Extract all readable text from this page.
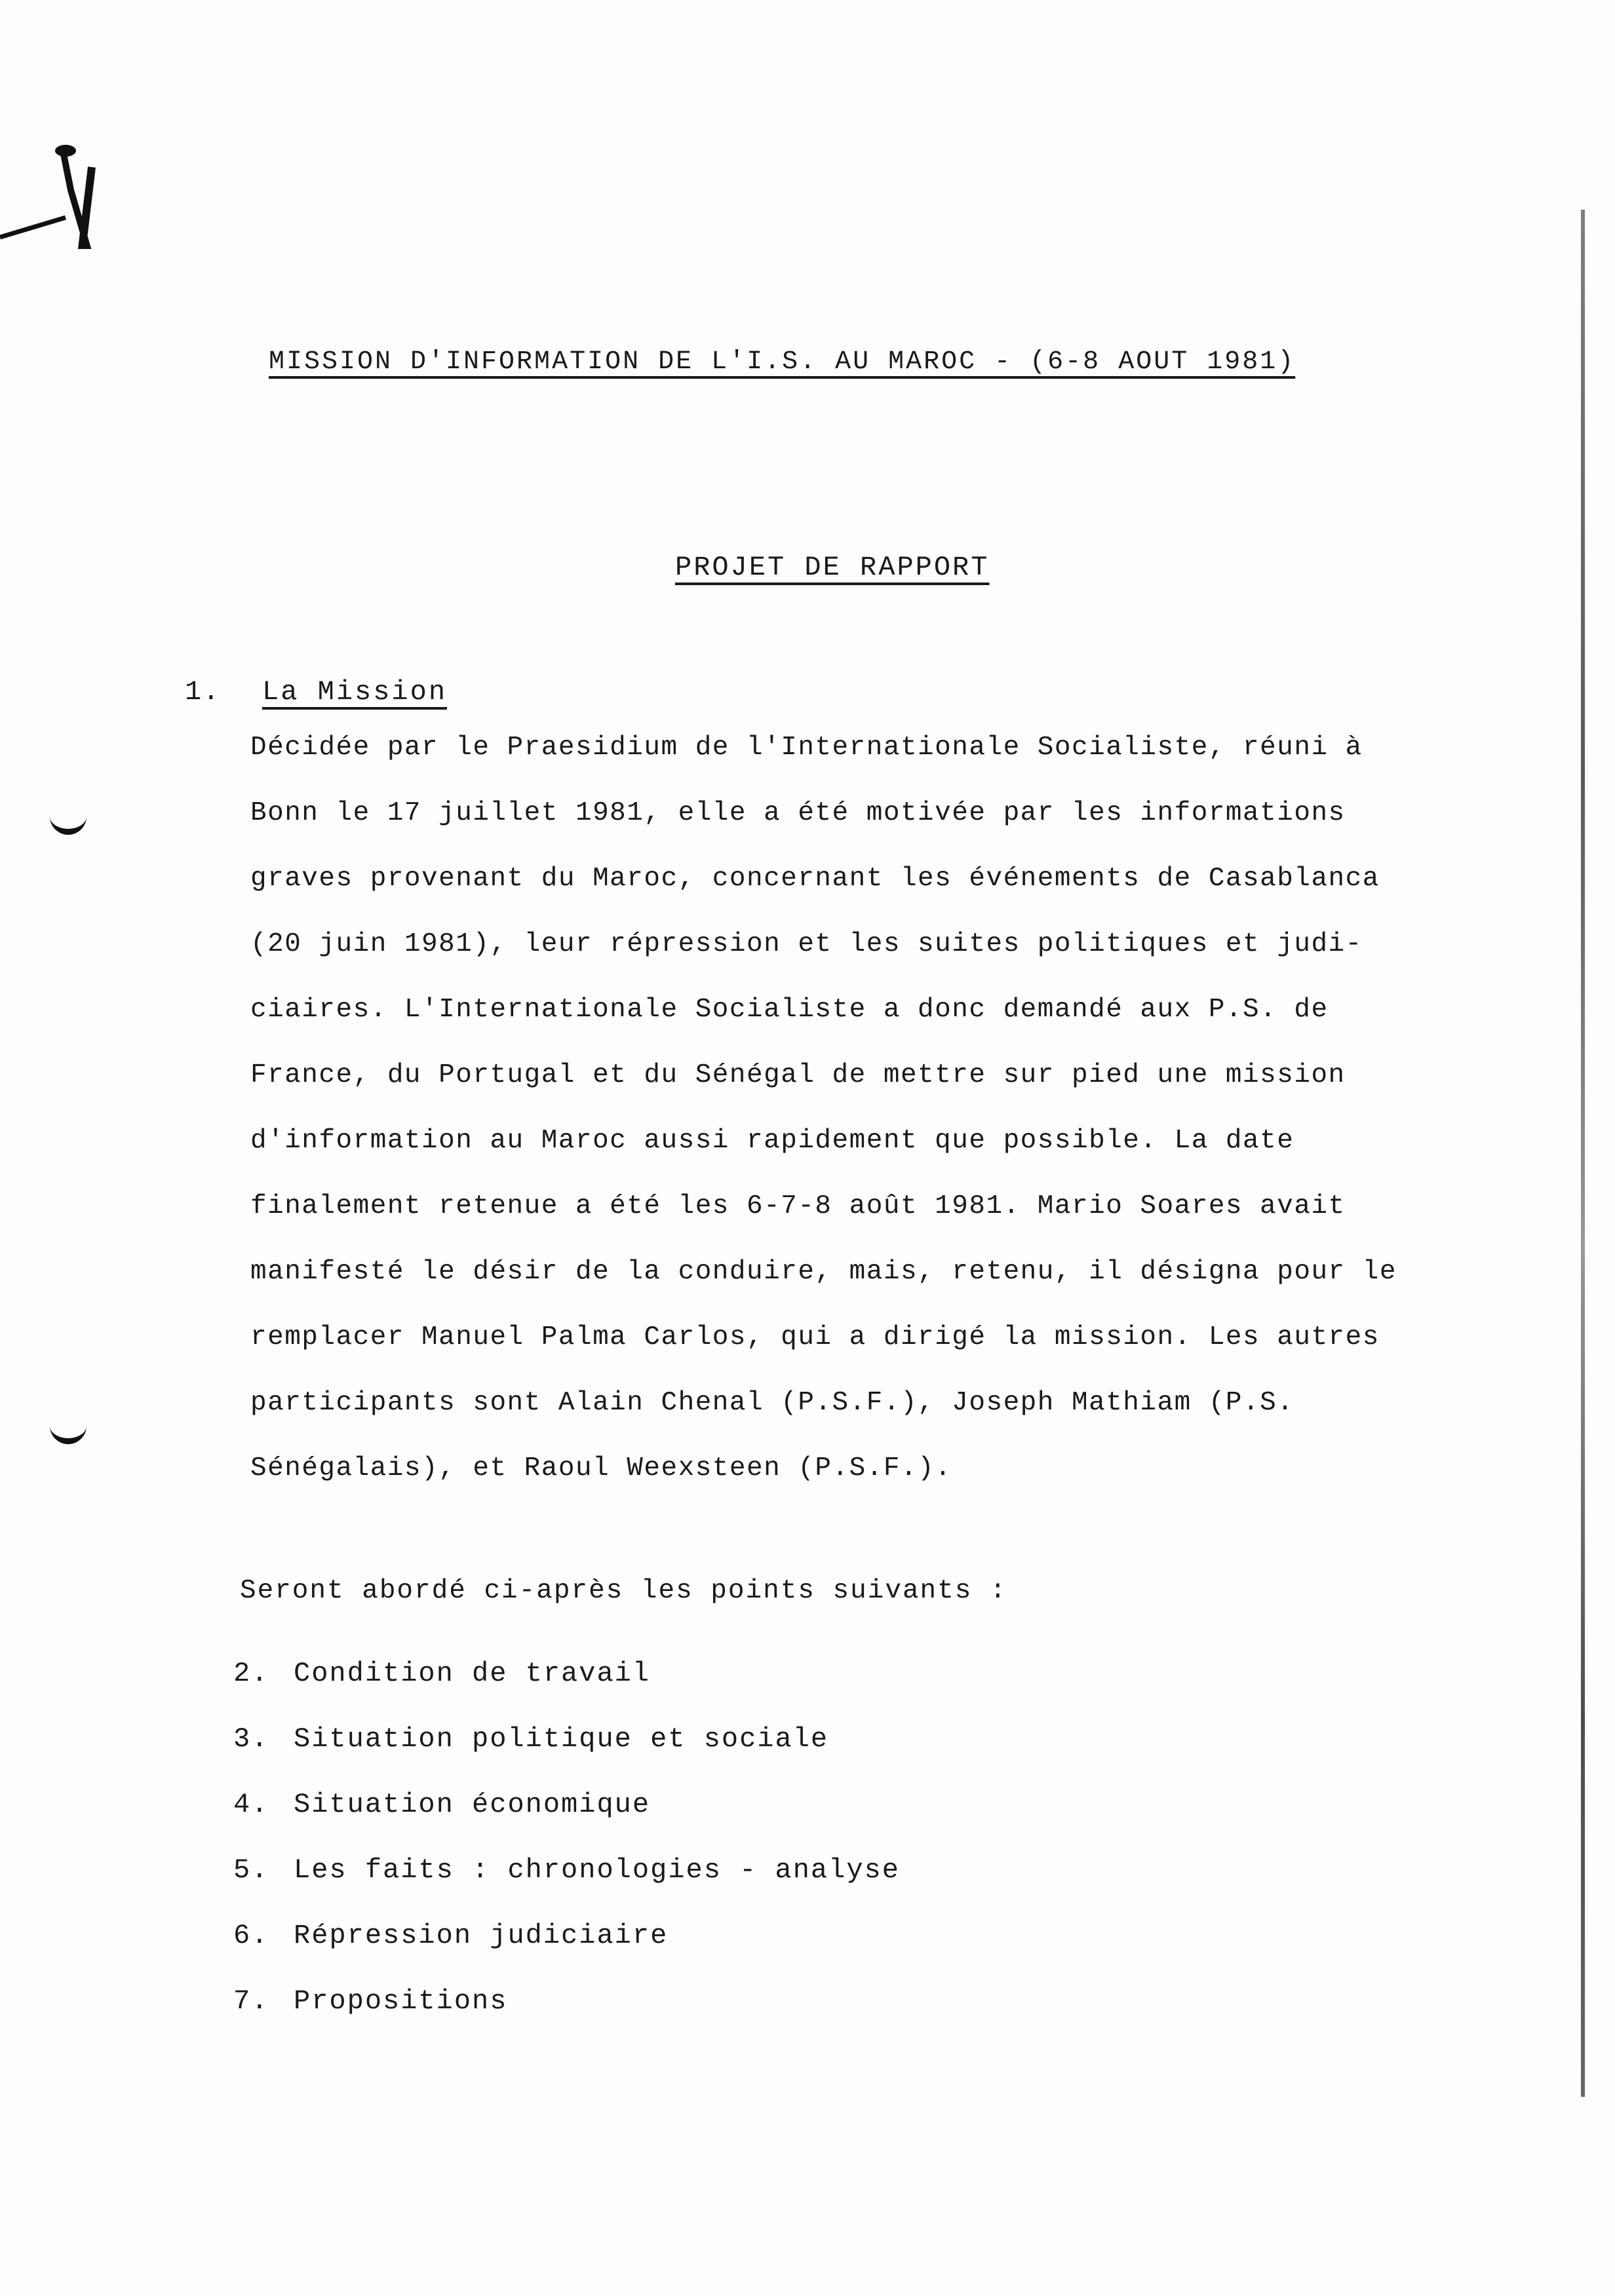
MISSION D'INFORMATION DE L'I.S. AU MAROC - (6-8 AOUT 1981)
PROJET DE RAPPORT
1. La Mission
Décidée par le Praesidium de l'Internationale Socialiste, réuni à
Bonn le 17 juillet 1981, elle a été motivée par les informations
graves provenant du Maroc, concernant les événements de Casablanca
(20 juin 1981), leur répression et les suites politiques et judi-
ciaires. L'Internationale Socialiste a donc demandé aux P.S. de
France, du Portugal et du Sénégal de mettre sur pied une mission
d'information au Maroc aussi rapidement que possible. La date
finalement retenue a été les 6-7-8 août 1981. Mario Soares avait
manifesté le désir de la conduire, mais, retenu, il désigna pour le
remplacer Manuel Palma Carlos, qui a dirigé la mission. Les autres
participants sont Alain Chenal (P.S.F.), Joseph Mathiam (P.S.
Sénégalais), et Raoul Weexsteen (P.S.F.).
Seront abordé ci-après les points suivants :
2. Condition de travail
3. Situation politique et sociale
4. Situation économique
5. Les faits : chronologies - analyse
6. Répression judiciaire
7. Propositions
